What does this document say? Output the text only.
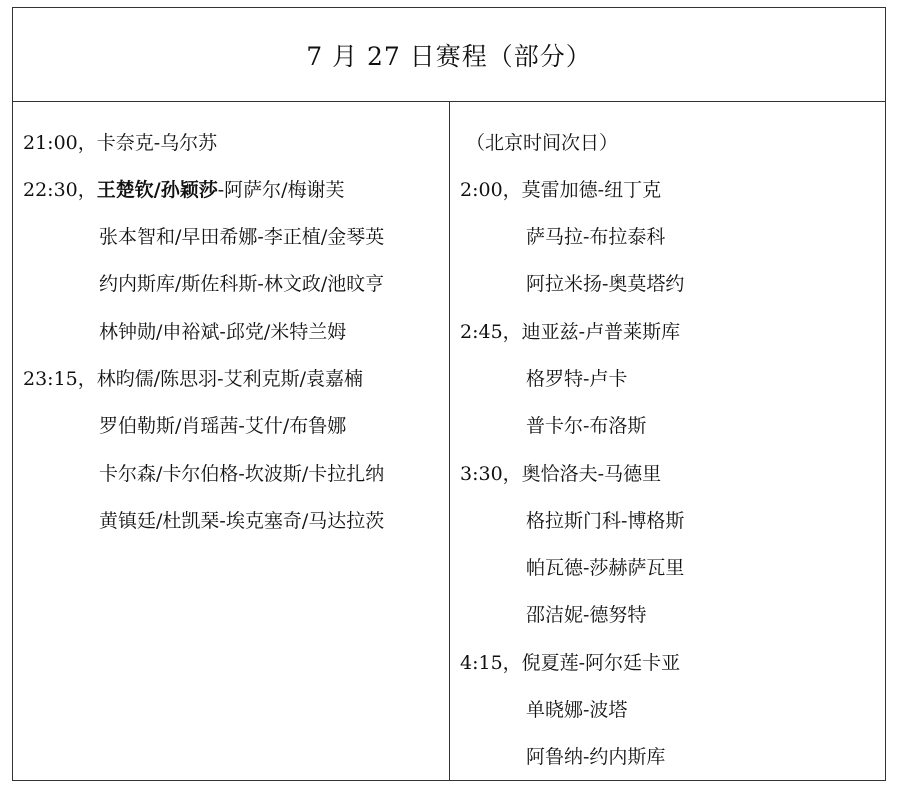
7 月 27 日赛程（部分）
21:00，卡奈克-乌尔苏
22:30，王楚钦/孙颖莎-阿萨尔/梅谢芙
张本智和/早田希娜-李正植/金琴英
约内斯库/斯佐科斯-林文政/池旼亨
林钟勋/申裕斌-邱党/米特兰姆
23:15，林昀儒/陈思羽-艾利克斯/袁嘉楠
罗伯勒斯/肖瑶茜-艾什/布鲁娜
卡尔森/卡尔伯格-坎波斯/卡拉扎纳
黄镇廷/杜凯琹-埃克塞奇/马达拉茨
（北京时间次日）
2:00，莫雷加德-纽丁克
萨马拉-布拉泰科
阿拉米扬-奥莫塔约
2:45，迪亚兹-卢普莱斯库
格罗特-卢卡
普卡尔-布洛斯
3:30，奥恰洛夫-马德里
格拉斯门科-博格斯
帕瓦德-莎赫萨瓦里
邵洁妮-德努特
4:15，倪夏莲-阿尔廷卡亚
单晓娜-波塔
阿鲁纳-约内斯库
